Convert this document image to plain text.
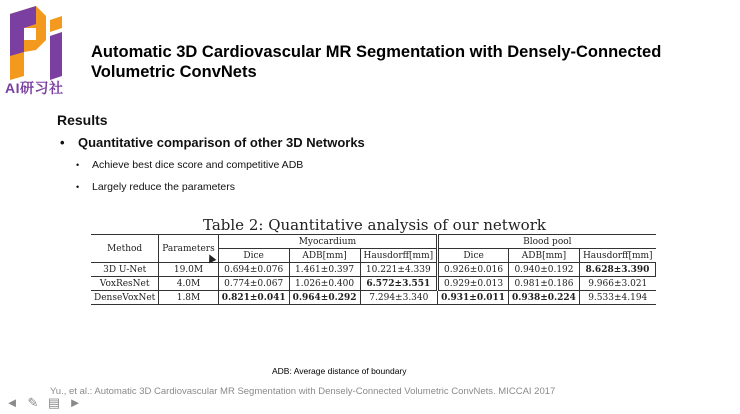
AI研习社
Automatic 3D Cardiovascular MR Segmentation with Densely-Connected Volumetric ConvNets
Results
• Quantitative comparison of other 3D Networks
• Achieve best dice score and competitive ADB
• Largely reduce the parameters
Table 2: Quantitative analysis of our network
Method	Parameters	Myocardium			Blood pool		
		Dice	ADB[mm]	Hausdorff[mm]	Dice	ADB[mm]	Hausdorff[mm]
3D U-Net	19.0M	0.694±0.076	1.461±0.397	10.221±4.339	0.926±0.016	0.940±0.192	8.628±3.390
VoxResNet	4.0M	0.774±0.067	1.026±0.400	6.572±3.551	0.929±0.013	0.981±0.186	9.966±3.021
DenseVoxNet	1.8M	0.821±0.041	0.964±0.292	7.294±3.340	0.931±0.011	0.938±0.224	9.533±4.194
ADB: Average distance of boundary
Yu., et al.: Automatic 3D Cardiovascular MR Segmentation with Densely-Connected Volumetric ConvNets. MICCAI 2017
◄ ✎ ▤ ►
